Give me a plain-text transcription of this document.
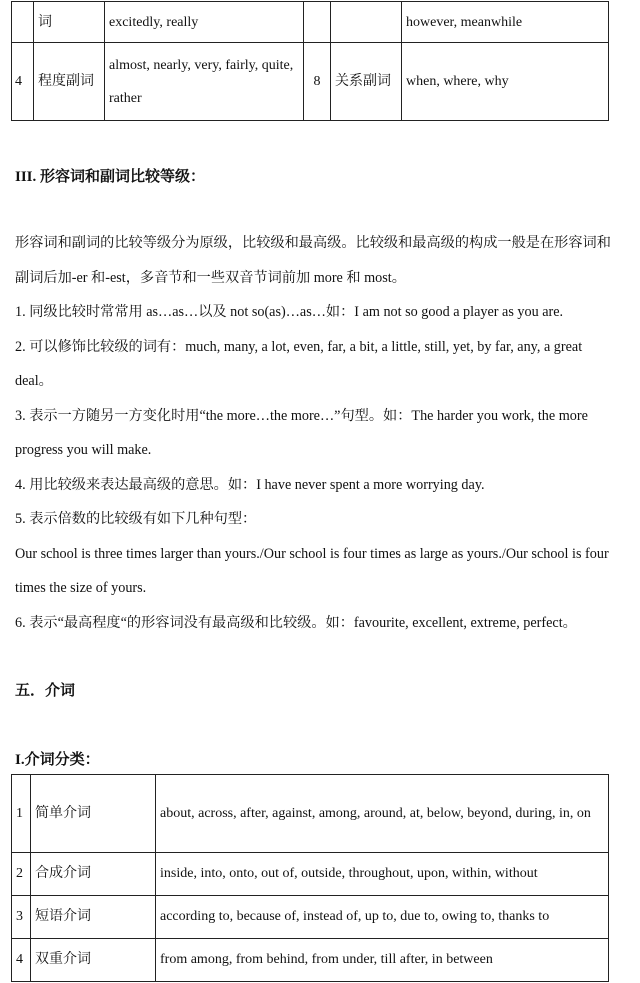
	词	excitedly, really			however, meanwhile
4	程度副词	almost, nearly, very, fairly, quite, rather	8	关系副词	when, where, why
III. 形容词和副词比较等级：

形容词和副词的比较等级分为原级，比较级和最高级。比较级和最高级的构成一般是在形容词和副词后加-er 和-est，多音节和一些双音节词前加 more 和 most。

1. 同级比较时常常用 as…as…以及 not so(as)…as…如：I am not so good a player as you are.

2. 可以修饰比较级的词有：much, many, a lot, even, far, a bit, a little, still, yet, by far, any, a great deal。

3. 表示一方随另一方变化时用“the more…the more…”句型。如：The harder you work, the more progress you will make.

4. 用比较级来表达最高级的意思。如：I have never spent a more worrying day.

5. 表示倍数的比较级有如下几种句型：

Our school is three times larger than yours./Our school is four times as large as yours./Our school is four times the size of yours.

6. 表示“最高程度“的形容词没有最高级和比较级。如：favourite, excellent, extreme, perfect。

五．介词
I.介词分类：
1	简单介词	about, across, after, against, among, around, at, below, beyond, during, in, on
2	合成介词	inside, into, onto, out of, outside, throughout, upon, within, without
3	短语介词	according to, because of, instead of, up to, due to, owing to, thanks to
4	双重介词	from among, from behind, from under, till after, in between
